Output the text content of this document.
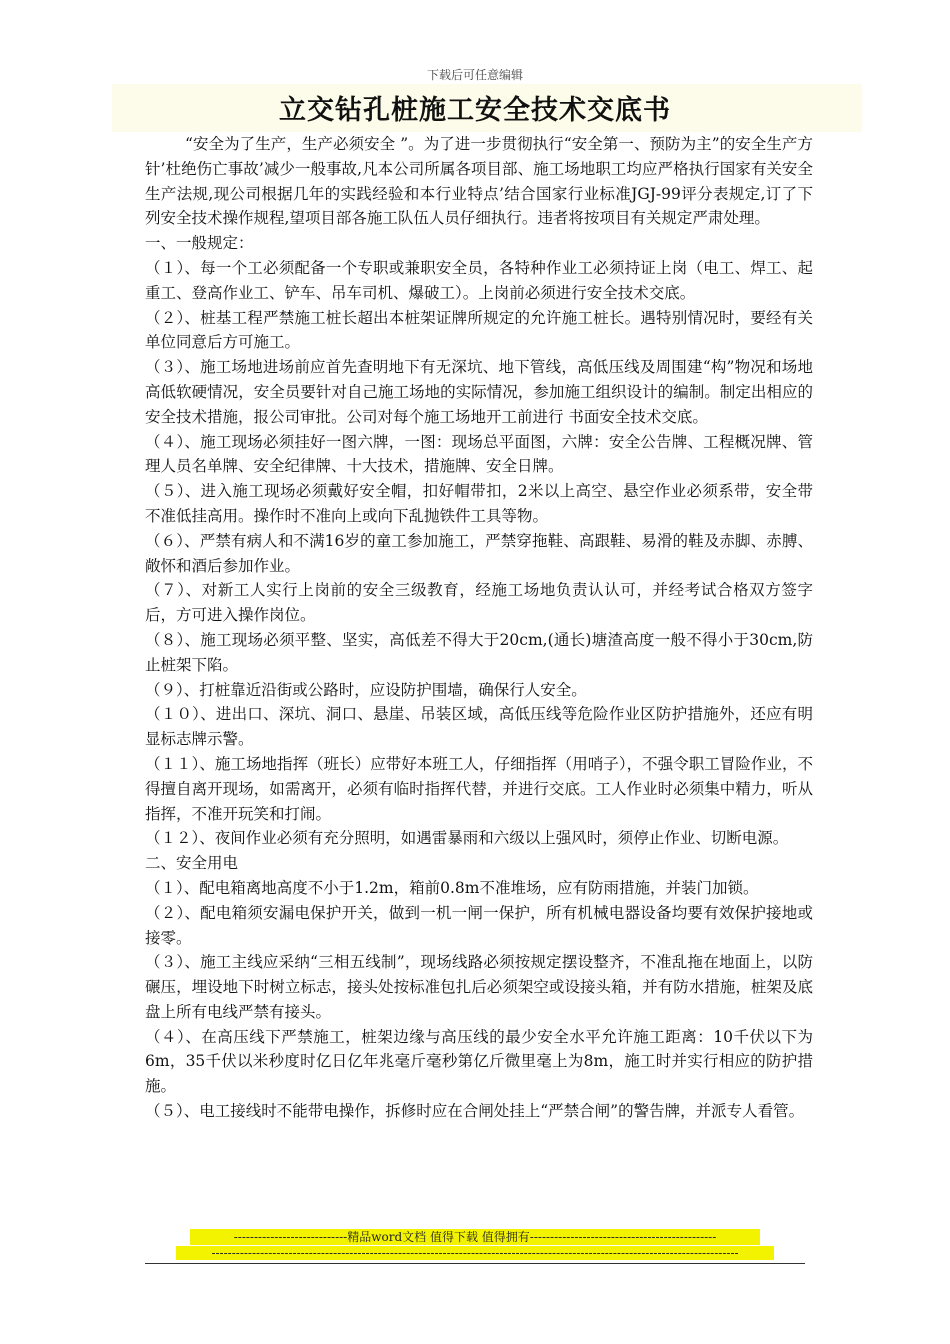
下载后可任意编辑
立交钻孔桩施工安全技术交底书

“安全为了生产，生产必须安全 ”。为了进一步贯彻执行“安全第一、预防为主”的安全生产方针’杜绝伤亡事故’减少一般事故,凡本公司所属各项目部、施工场地职工均应严格执行国家有关安全生产法规,现公司根据几年的实践经验和本行业特点’结合国家行业标准JGJ-99评分表规定,订了下列安全技术操作规程,望项目部各施工队伍人员仔细执行。违者将按项目有关规定严肃处理。

一、一般规定：

（１）、每一个工必须配备一个专职或兼职安全员，各特种作业工必须持证上岗（电工、焊工、起重工、登高作业工、铲车、吊车司机、爆破工）。上岗前必须进行安全技术交底。

（２）、桩基工程严禁施工桩长超出本桩架证牌所规定的允许施工桩长。遇特别情况时，要经有关单位同意后方可施工。

（３）、施工场地进场前应首先查明地下有无深坑、地下管线，高低压线及周围建“构”物况和场地高低软硬情况，安全员要针对自己施工场地的实际情况，参加施工组织设计的编制。制定出相应的安全技术措施，报公司审批。公司对每个施工场地开工前进行 书面安全技术交底。

（４）、施工现场必须挂好一图六牌，一图：现场总平面图，六牌：安全公告牌、工程概况牌、管理人员名单牌、安全纪律牌、十大技术，措施牌、安全日牌。

（５）、进入施工现场必须戴好安全帽，扣好帽带扣，2米以上高空、悬空作业必须系带，安全带不准低挂高用。操作时不准向上或向下乱抛铁件工具等物。

（６）、严禁有病人和不满16岁的童工参加施工，严禁穿拖鞋、高跟鞋、易滑的鞋及赤脚、赤膊、敞怀和酒后参加作业。

（７）、对新工人实行上岗前的安全三级教育，经施工场地负责认认可，并经考试合格双方签字后，方可进入操作岗位。

（８）、施工现场必须平整、坚实，高低差不得大于20cm,(通长)塘渣高度一般不得小于30cm,防止桩架下陷。

（９）、打桩靠近沿街或公路时，应设防护围墙，确保行人安全。

（１０）、进出口、深坑、洞口、悬崖、吊装区域，高低压线等危险作业区防护措施外，还应有明显标志牌示警。

（１１）、施工场地指挥（班长）应带好本班工人，仔细指挥（用哨子），不强令职工冒险作业，不得擅自离开现场，如需离开，必须有临时指挥代替，并进行交底。工人作业时必须集中精力，听从指挥，不准开玩笑和打闹。

（１２）、夜间作业必须有充分照明，如遇雷暴雨和六级以上强风时，须停止作业、切断电源。

二、安全用电

（１）、配电箱离地高度不小于1.2m，箱前0.8m不准堆场，应有防雨措施，并装门加锁。

（２）、配电箱须安漏电保护开关，做到一机一闸一保护，所有机械电器设备均要有效保护接地或接零。

（３）、施工主线应采纳“三相五线制”，现场线路必须按规定摆设整齐，不准乱拖在地面上，以防碾压，埋设地下时树立标志，接头处按标准包扎后必须架空或设接头箱，并有防水措施，桩架及底盘上所有电线严禁有接头。

（４）、在高压线下严禁施工，桩架边缘与高压线的最少安全水平允许施工距离：10千伏以下为6m，35千伏以米秒度时亿日亿年兆毫斤毫秒第亿斤微里毫上为8m，施工时并实行相应的防护措施。

（５）、电工接线时不能带电操作，拆修时应在合闸处挂上“严禁合闸”的警告牌，并派专人看管。

----------------------------精品word文档 值得下载 值得拥有----------------------------------------------
----------------------------------------------------------------------------------------------------------------------------------
